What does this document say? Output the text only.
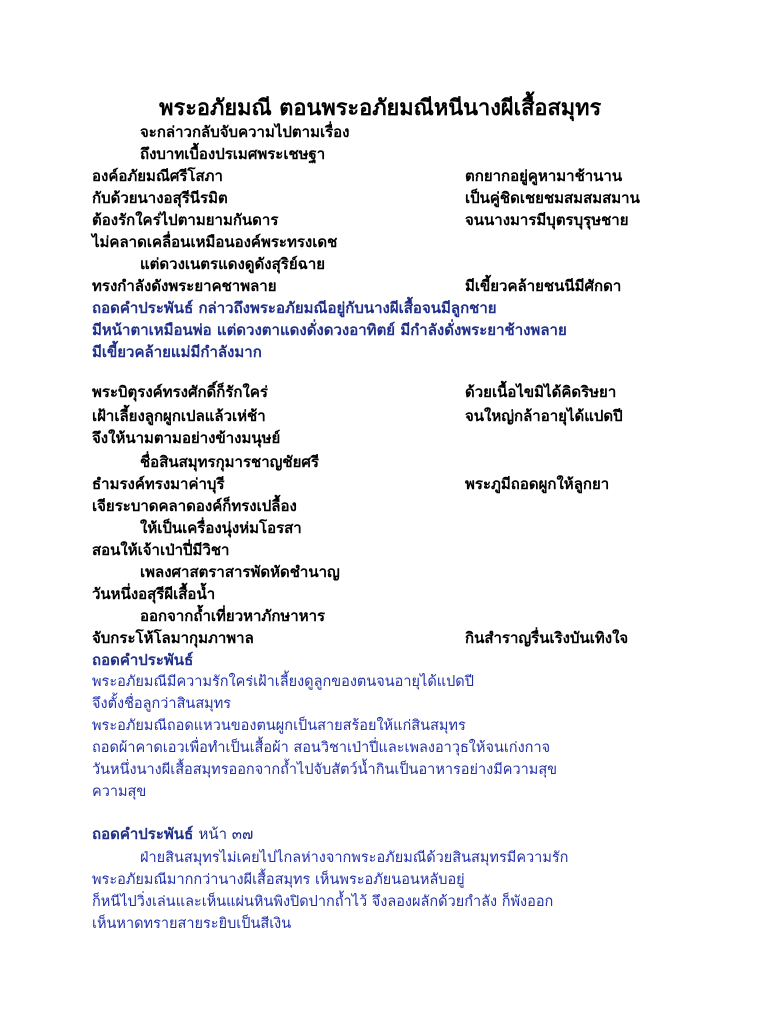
พระอภัยมณี ตอนพระอภัยมณีหนีนางผีเสื้อสมุทร
จะกล่าวกลับจับความไปตามเรื่อง
ถึงบาทเบื้องปรเมศพระเชษฐา
องค์อภัยมณีศรีโสภา	ตกยากอยู่คูหามาช้านาน
กับด้วยนางอสุรีนีรมิต	เป็นคู่ชิดเชยชมสมสมสมาน
ต้องรักใคร่ไปตามยามกันดาร	จนนางมารมีบุตรบุรุษชาย
ไม่คลาดเคลื่อนเหมือนองค์พระทรงเดช
แต่ดวงเนตรแดงดูดังสุริย์ฉาย
ทรงกำลังดังพระยาคชาพลาย	มีเขี้ยวคล้ายชนนีมีศักดา
ถอดคำประพันธ์ กล่าวถึงพระอภัยมณีอยู่กับนางผีเสื้อจนมีลูกชาย
มีหน้าตาเหมือนพ่อ แต่ดวงตาแดงดั่งดวงอาทิตย์ มีกำลังดั่งพระยาช้างพลาย
มีเขี้ยวคล้ายแม่มีกำลังมาก
พระบิตุรงค์ทรงศักดิ์ก็รักใคร่	ด้วยเนื้อไขมิได้คิดริษยา
เฝ้าเลี้ยงลูกผูกเปลแล้วเห่ช้า	จนใหญ่กล้าอายุได้แปดปี
จึงให้นามตามอย่างข้างมนุษย์
ชื่อสินสมุทรกุมารชาญชัยศรี
ธำมรงค์ทรงมาค่าบุรี	พระภูมีถอดผูกให้ลูกยา
เจียระบาดคลาดองค์ก็ทรงเปลื้อง
ให้เป็นเครื่องนุ่งห่มโอรสา
สอนให้เจ้าเป่าปี่มีวิชา
เพลงศาสตราสารพัดหัดชำนาญ
วันหนึ่งอสุรีผีเสื้อน้ำ
ออกจากถ้ำเที่ยวหาภักษาหาร
จับกระโห้โลมากุมภาพาล	กินสำราญรื่นเริงบันเทิงใจ
ถอดคำประพันธ์
พระอภัยมณีมีความรักใคร่เฝ้าเลี้ยงดูลูกของตนจนอายุได้แปดปี
จึงตั้งชื่อลูกว่าสินสมุทร
พระอภัยมณีถอดแหวนของตนผูกเป็นสายสร้อยให้แก่สินสมุทร
ถอดผ้าคาดเอวเพื่อทำเป็นเสื้อผ้า สอนวิชาเป่าปี่และเพลงอาวุธให้จนเก่งกาจ
วันหนึ่งนางผีเสื้อสมุทรออกจากถ้ำไปจับสัตว์น้ำกินเป็นอาหารอย่างมีความสุข
ความสุข
ถอดคำประพันธ์ หน้า ๓๗
ฝ่ายสินสมุทรไม่เคยไปไกลห่างจากพระอภัยมณีด้วยสินสมุทรมีความรัก
พระอภัยมณีมากกว่านางผีเสื้อสมุทร เห็นพระอภัยนอนหลับอยู่
ก็หนีไปวิ่งเล่นและเห็นแผ่นหินพิงปิดปากถ้ำไว้ จึงลองผลักด้วยกำลัง ก็พังออก
เห็นหาดทรายสายระยิบเป็นสีเงิน
